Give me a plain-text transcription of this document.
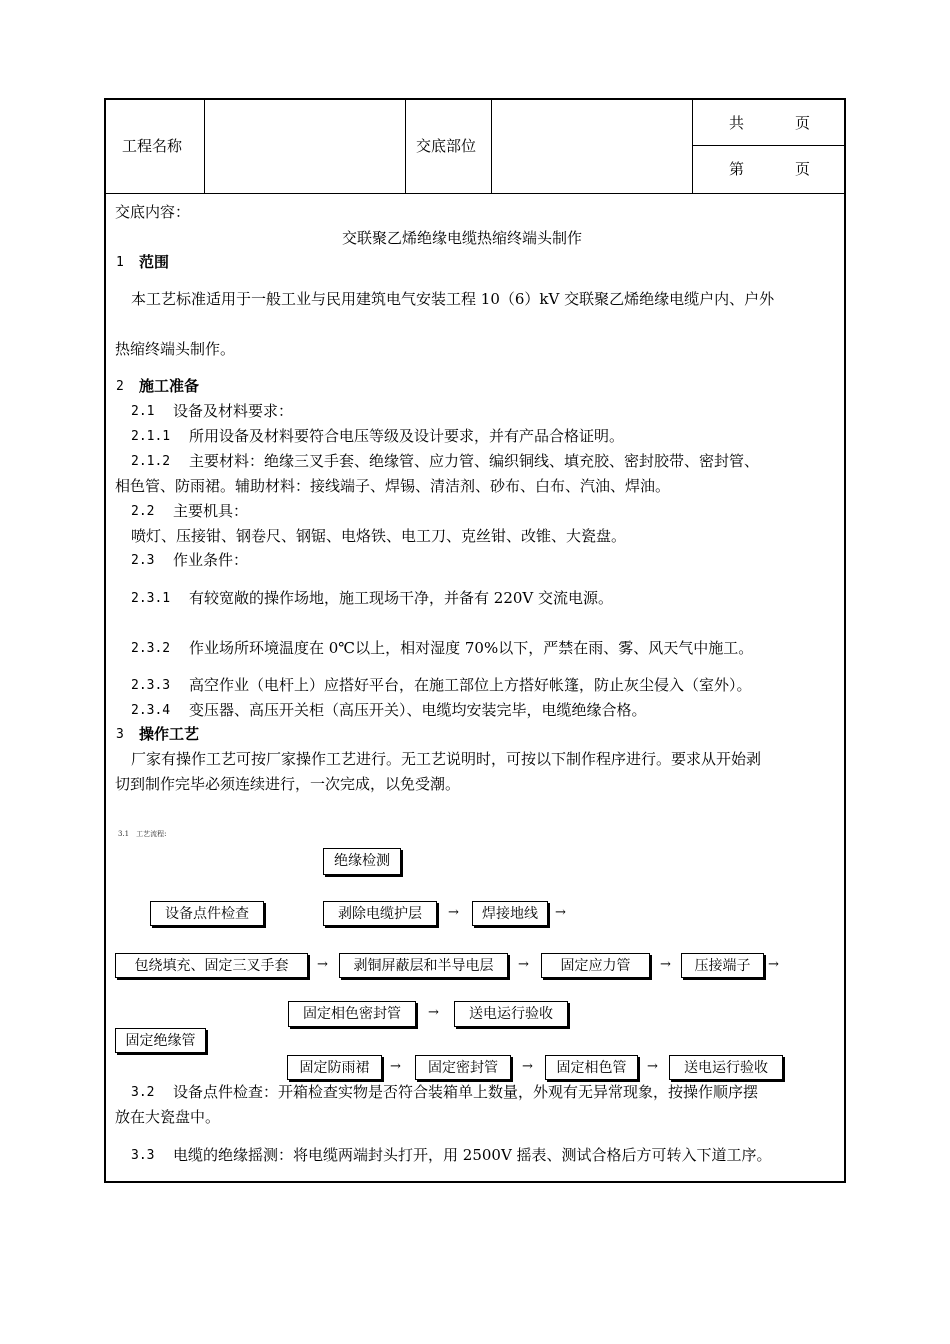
工程名称	交底部位
共	页
第	页
交底内容：
交联聚乙烯绝缘电缆热缩终端头制作
1 范围
本工艺标准适用于一般工业与民用建筑电气安装工程 10（6）kV 交联聚乙烯绝缘电缆户内、户外
热缩终端头制作。
2 施工准备
2.1 设备及材料要求：
2.1.1 所用设备及材料要符合电压等级及设计要求，并有产品合格证明。
2.1.2 主要材料：绝缘三叉手套、绝缘管、应力管、编织铜线、填充胶、密封胶带、密封管、
相色管、防雨裙。辅助材料：接线端子、焊锡、清洁剂、砂布、白布、汽油、焊油。
2.2 主要机具：
喷灯、压接钳、钢卷尺、钢锯、电烙铁、电工刀、克丝钳、改锥、大瓷盘。
2.3 作业条件：
2.3.1 有较宽敞的操作场地，施工现场干净，并备有 220V 交流电源。
2.3.2 作业场所环境温度在 0℃以上，相对湿度 70%以下，严禁在雨、雾、风天气中施工。
2.3.3 高空作业（电杆上）应搭好平台，在施工部位上方搭好帐篷，防止灰尘侵入（室外）。
2.3.4 变压器、高压开关柜（高压开关）、电缆均安装完毕，电缆绝缘合格。
3 操作工艺
厂家有操作工艺可按厂家操作工艺进行。无工艺说明时，可按以下制作程序进行。要求从开始剥
切到制作完毕必须连续进行，一次完成，以免受潮。
3.1　工艺流程:
绝缘检测
设备点件检查	剥除电缆护层	→	焊接地线	→
包绕填充、固定三叉手套	→	剥铜屏蔽层和半导电层	→	固定应力管	→	压接端子	→
固定相色密封管	→	送电运行验收
固定绝缘管
固定防雨裙	→	固定密封管	→	固定相色管	→	送电运行验收
3.2 设备点件检查：开箱检查实物是否符合装箱单上数量，外观有无异常现象，按操作顺序摆
放在大瓷盘中。
3.3 电缆的绝缘摇测：将电缆两端封头打开，用 2500V 摇表、测试合格后方可转入下道工序。
